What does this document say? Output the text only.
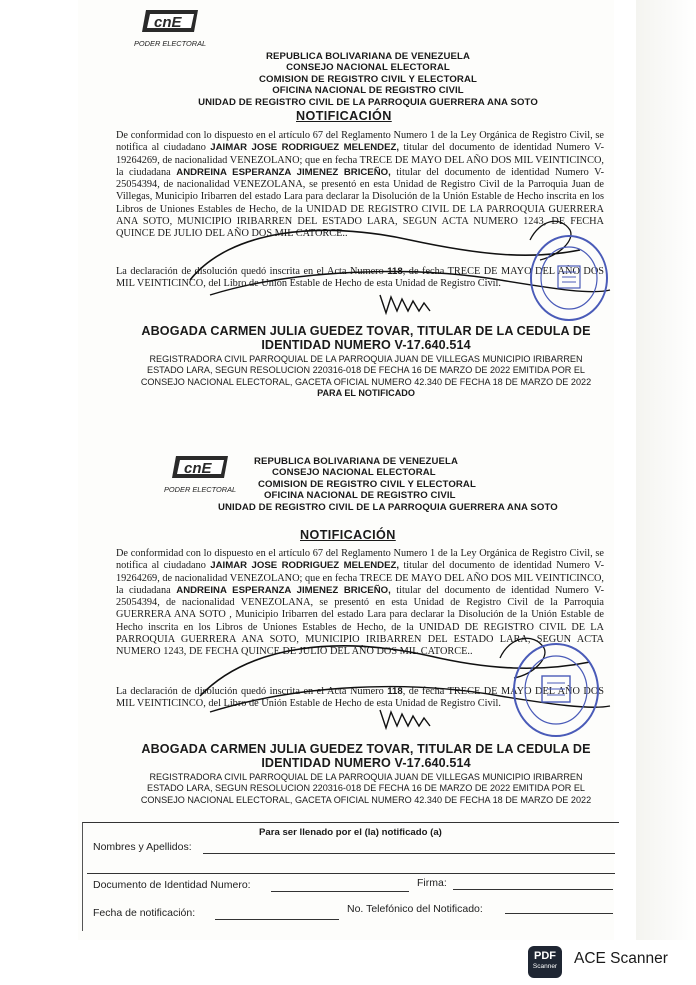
cnE
PODER ELECTORAL
REPUBLICA BOLIVARIANA DE VENEZUELA
CONSEJO NACIONAL ELECTORAL
COMISION DE REGISTRO CIVIL Y ELECTORAL
OFICINA NACIONAL DE REGISTRO CIVIL
UNIDAD DE REGISTRO CIVIL DE LA PARROQUIA GUERRERA ANA SOTO
NOTIFICACIÓN
De conformidad con lo dispuesto en el artículo 67 del Reglamento Numero 1 de la Ley Orgánica de Registro Civil, se notifica al ciudadano JAIMAR JOSE RODRIGUEZ MELENDEZ, titular del documento de identidad Numero V-19264269, de nacionalidad VENEZOLANO; que en fecha TRECE DE MAYO DEL AÑO DOS MIL VEINTICINCO, la ciudadana ANDREINA ESPERANZA JIMENEZ BRICEÑO, titular del documento de identidad Numero V-25054394, de nacionalidad VENEZOLANA, se presentó en esta Unidad de Registro Civil de la Parroquia Juan de Villegas, Municipio Iribarren del estado Lara para declarar la Disolución de la Unión Estable de Hecho inscrita en los Libros de Uniones Estables de Hecho, de la UNIDAD DE REGISTRO CIVIL DE LA PARROQUIA GUERRERA ANA SOTO, MUNICIPIO IRIBARREN DEL ESTADO LARA, SEGUN ACTA NUMERO 1243, DE FECHA QUINCE DE JULIO DEL AÑO DOS MIL CATORCE..
La declaración de disolución quedó inscrita en el Acta Numero 118, de fecha TRECE DE MAYO DEL AÑO DOS MIL VEINTICINCO, del Libro de Unión Estable de Hecho de esta Unidad de Registro Civil.
ABOGADA CARMEN JULIA GUEDEZ TOVAR, TITULAR DE LA CEDULA DE
IDENTIDAD NUMERO V-17.640.514
REGISTRADORA CIVIL PARROQUIAL DE LA PARROQUIA JUAN DE VILLEGAS MUNICIPIO IRIBARREN
ESTADO LARA, SEGUN RESOLUCION 220316-018 DE FECHA 16 DE MARZO DE 2022 EMITIDA POR EL
CONSEJO NACIONAL ELECTORAL, GACETA OFICIAL NUMERO 42.340 DE FECHA 18 DE MARZO DE 2022
PARA EL NOTIFICADO
cnE
PODER ELECTORAL
REPUBLICA BOLIVARIANA DE VENEZUELA
CONSEJO NACIONAL ELECTORAL
COMISION DE REGISTRO CIVIL Y ELECTORAL
OFICINA NACIONAL DE REGISTRO CIVIL
UNIDAD DE REGISTRO CIVIL DE LA PARROQUIA GUERRERA ANA SOTO
NOTIFICACIÓN
De conformidad con lo dispuesto en el artículo 67 del Reglamento Numero 1 de la Ley Orgánica de Registro Civil, se notifica al ciudadano JAIMAR JOSE RODRIGUEZ MELENDEZ, titular del documento de identidad Numero V-19264269, de nacionalidad VENEZOLANO; que en fecha TRECE DE MAYO DEL AÑO DOS MIL VEINTICINCO, la ciudadana ANDREINA ESPERANZA JIMENEZ BRICEÑO, titular del documento de identidad Numero V-25054394, de nacionalidad VENEZOLANA, se presentó en esta Unidad de Registro Civil de la Parroquia GUERRERA ANA SOTO , Municipio Iribarren del estado Lara para declarar la Disolución de la Unión Estable de Hecho inscrita en los Libros de Uniones Estables de Hecho, de la UNIDAD DE REGISTRO CIVIL DE LA PARROQUIA GUERRERA ANA SOTO, MUNICIPIO IRIBARREN DEL ESTADO LARA, SEGUN ACTA NUMERO 1243, DE FECHA QUINCE DE JULIO DEL AÑO DOS MIL CATORCE..
La declaración de disolución quedó inscrita en el Acta Numero 118, de fecha TRECE DE MAYO DEL AÑO DOS MIL VEINTICINCO, del Libro de Unión Estable de Hecho de esta Unidad de Registro Civil.
ABOGADA CARMEN JULIA GUEDEZ TOVAR, TITULAR DE LA CEDULA DE
IDENTIDAD NUMERO V-17.640.514
REGISTRADORA CIVIL PARROQUIAL DE LA PARROQUIA JUAN DE VILLEGAS MUNICIPIO IRIBARREN
ESTADO LARA, SEGUN RESOLUCION 220316-018 DE FECHA 16 DE MARZO DE 2022 EMITIDA POR EL
CONSEJO NACIONAL ELECTORAL, GACETA OFICIAL NUMERO 42.340 DE FECHA 18 DE MARZO DE 2022
Para ser llenado por el (la) notificado (a)
Nombres y Apellidos:
Documento de Identidad Numero:	Firma:
Fecha de notificación:	No. Telefónico del Notificado:
PDF
Scanner	ACE Scanner
